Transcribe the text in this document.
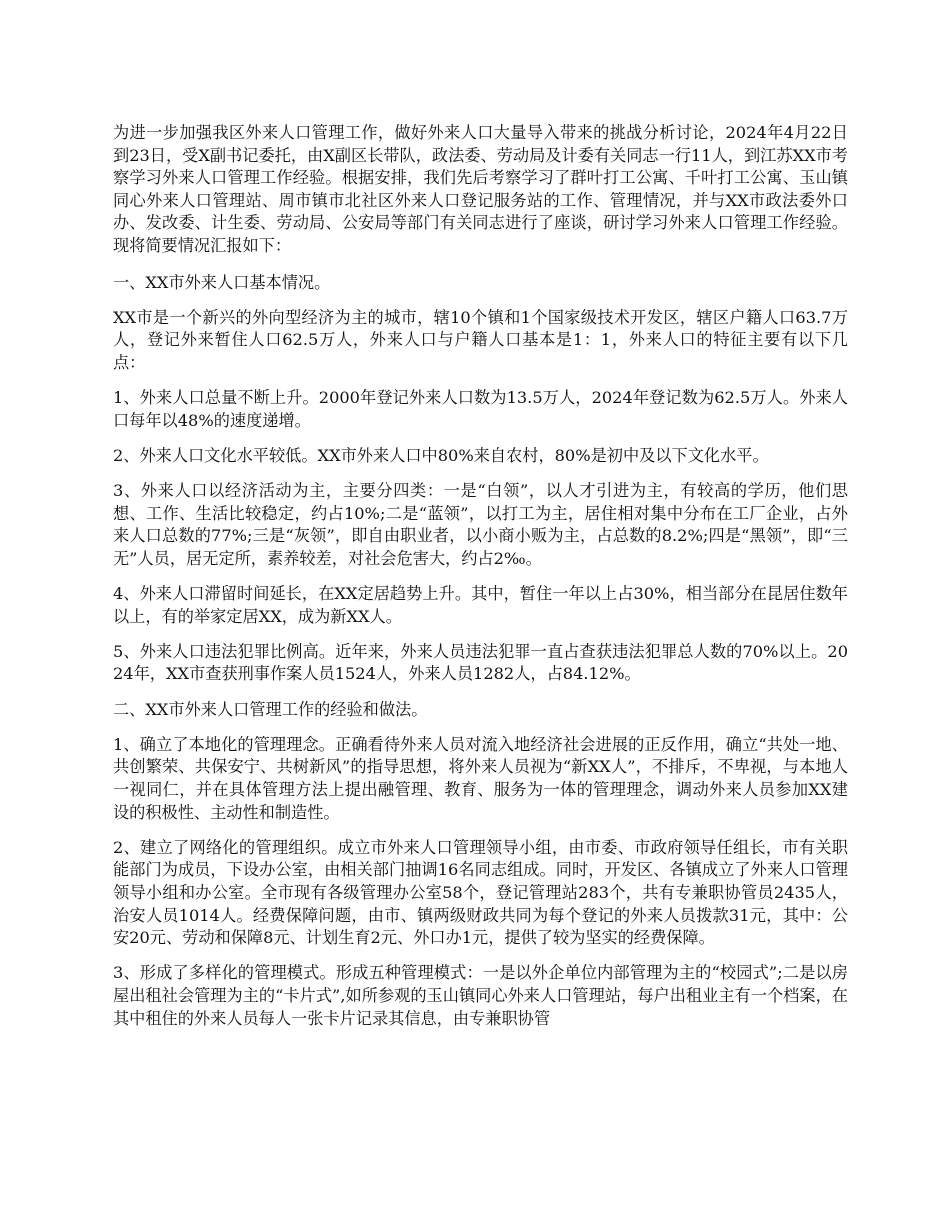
为进一步加强我区外来人口管理工作，做好外来人口大量导入带来的挑战分析讨论，2024年4月22日到23日，受X副书记委托，由X副区长带队，政法委、劳动局及计委有关同志一行11人，到江苏XX市考察学习外来人口管理工作经验。根据安排，我们先后考察学习了群叶打工公寓、千叶打工公寓、玉山镇同心外来人口管理站、周市镇市北社区外来人口登记服务站的工作、管理情况，并与XX市政法委外口办、发改委、计生委、劳动局、公安局等部门有关同志进行了座谈，研讨学习外来人口管理工作经验。现将简要情况汇报如下：

一、XX市外来人口基本情况。

XX市是一个新兴的外向型经济为主的城市，辖10个镇和1个国家级技术开发区，辖区户籍人口63.7万人，登记外来暂住人口62.5万人，外来人口与户籍人口基本是1：1，外来人口的特征主要有以下几点：

1、外来人口总量不断上升。2000年登记外来人口数为13.5万人，2024年登记数为62.5万人。外来人口每年以48%的速度递增。

2、外来人口文化水平较低。XX市外来人口中80%来自农村，80%是初中及以下文化水平。

3、外来人口以经济活动为主，主要分四类：一是“白领”，以人才引进为主，有较高的学历，他们思想、工作、生活比较稳定，约占10%;二是“蓝领”，以打工为主，居住相对集中分布在工厂企业，占外来人口总数的77%;三是“灰领”，即自由职业者，以小商小贩为主，占总数的8.2%;四是“黑领”，即“三无”人员，居无定所，素养较差，对社会危害大，约占2‰。

4、外来人口滞留时间延长，在XX定居趋势上升。其中，暂住一年以上占30%，相当部分在昆居住数年以上，有的举家定居XX，成为新XX人。

5、外来人口违法犯罪比例高。近年来，外来人员违法犯罪一直占查获违法犯罪总人数的70%以上。2024年，XX市查获刑事作案人员1524人，外来人员1282人，占84.12%。

二、XX市外来人口管理工作的经验和做法。

1、确立了本地化的管理理念。正确看待外来人员对流入地经济社会进展的正反作用，确立“共处一地、共创繁荣、共保安宁、共树新风”的指导思想，将外来人员视为“新XX人”，不排斥，不卑视，与本地人一视同仁，并在具体管理方法上提出融管理、教育、服务为一体的管理理念，调动外来人员参加XX建设的积极性、主动性和制造性。

2、建立了网络化的管理组织。成立市外来人口管理领导小组，由市委、市政府领导任组长，市有关职能部门为成员，下设办公室，由相关部门抽调16名同志组成。同时，开发区、各镇成立了外来人口管理领导小组和办公室。全市现有各级管理办公室58个，登记管理站283个，共有专兼职协管员2435人，治安人员1014人。经费保障问题，由市、镇两级财政共同为每个登记的外来人员拨款31元，其中：公安20元、劳动和保障8元、计划生育2元、外口办1元，提供了较为坚实的经费保障。

3、形成了多样化的管理模式。形成五种管理模式：一是以外企单位内部管理为主的“校园式”;二是以房屋出租社会管理为主的“卡片式”,如所参观的玉山镇同心外来人口管理站，每户出租业主有一个档案，在其中租住的外来人员每人一张卡片记录其信息，由专兼职协管
